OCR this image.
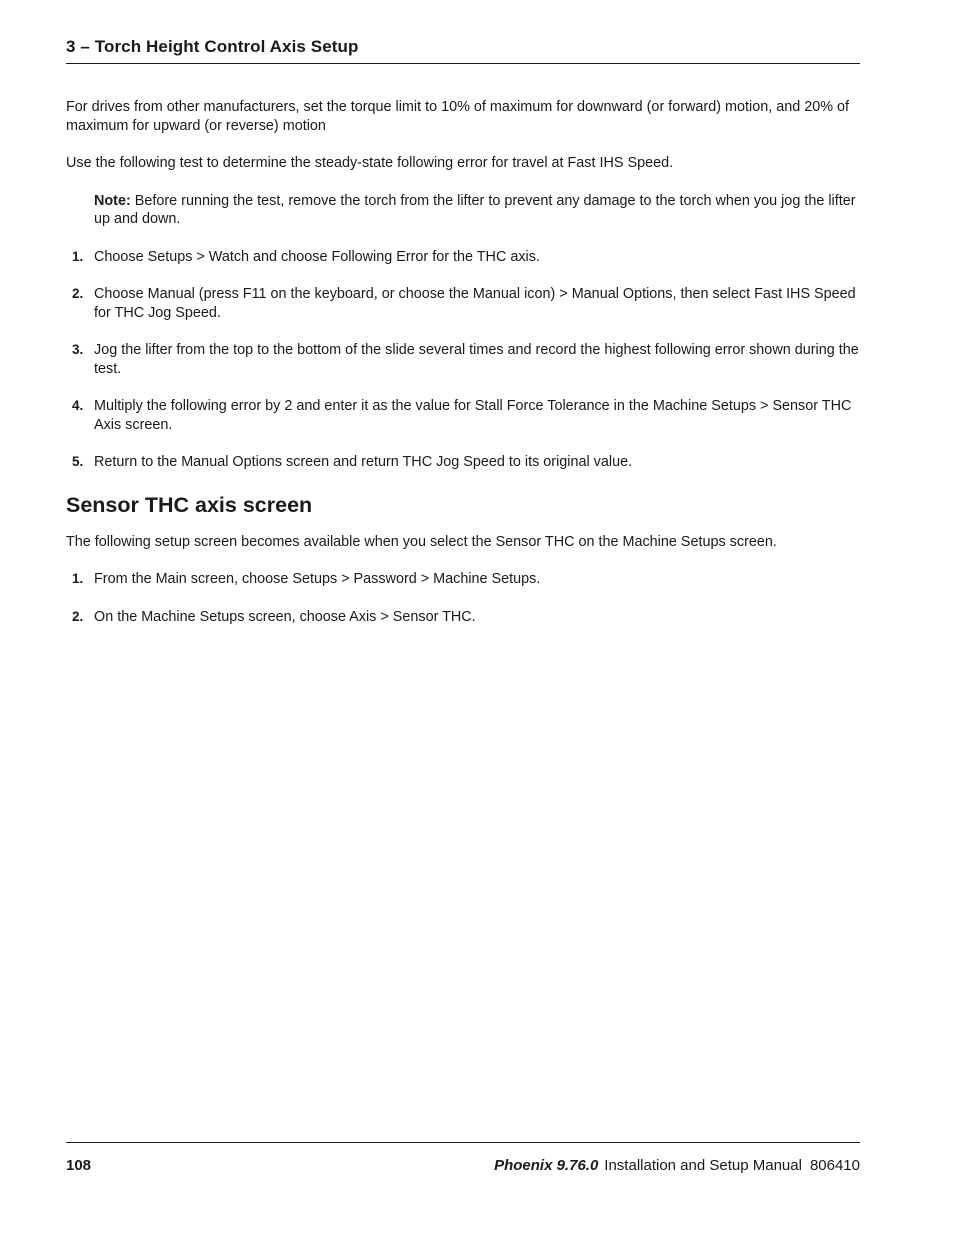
3 – Torch Height Control Axis Setup

For drives from other manufacturers, set the torque limit to 10% of maximum for downward (or forward) motion, and 20% of maximum for upward (or reverse) motion

Use the following test to determine the steady-state following error for travel at Fast IHS Speed.

Note: Before running the test, remove the torch from the lifter to prevent any damage to the torch when you jog the lifter up and down.

1. Choose Setups > Watch and choose Following Error for the THC axis.
2. Choose Manual (press F11 on the keyboard, or choose the Manual icon) > Manual Options, then select Fast IHS Speed for THC Jog Speed.
3. Jog the lifter from the top to the bottom of the slide several times and record the highest following error shown during the test.
4. Multiply the following error by 2 and enter it as the value for Stall Force Tolerance in the Machine Setups > Sensor THC Axis screen.
5. Return to the Manual Options screen and return THC Jog Speed to its original value.
Sensor THC axis screen

The following setup screen becomes available when you select the Sensor THC on the Machine Setups screen.

1. From the Main screen, choose Setups > Password > Machine Setups.
2. On the Machine Setups screen, choose Axis > Sensor THC.
108	Phoenix 9.76.0 Installation and Setup Manual 806410
